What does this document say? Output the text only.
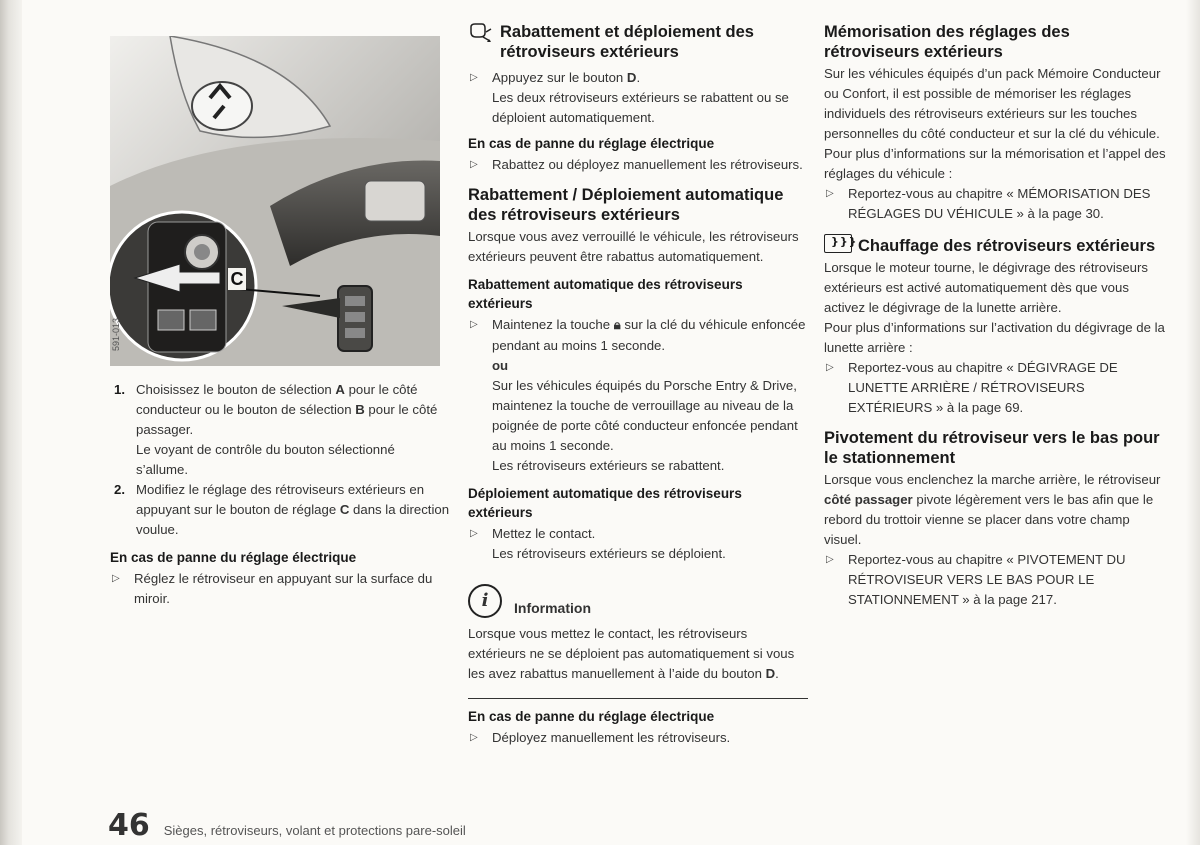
C
591-013
1. Choisissez le bouton de sélection A pour le côté conducteur ou le bouton de sélection B pour le côté passager.

Le voyant de contrôle du bouton sélectionné s’allume.

2. Modifiez le réglage des rétroviseurs extérieurs en appuyant sur le bouton de réglage C dans la direction voulue.

En cas de panne du réglage électrique
▷ Réglez le rétroviseur en appuyant sur la surface du miroir.

Rabattement et déploiement des rétroviseurs extérieurs
▷ Appuyez sur le bouton D.

Les deux rétroviseurs extérieurs se rabattent ou se déploient automatiquement.

En cas de panne du réglage électrique
▷ Rabattez ou déployez manuellement les rétroviseurs.

Rabattement / Déploiement automatique des rétroviseurs extérieurs

Lorsque vous avez verrouillé le véhicule, les rétroviseurs extérieurs peuvent être rabattus automatiquement.

Rabattement automatique des rétroviseurs extérieurs
▷ Maintenez la touche 🔒︎ sur la clé du véhicule enfoncée pendant au moins 1 seconde.

ou

Sur les véhicules équipés du Porsche Entry & Drive, maintenez la touche de verrouillage au niveau de la poignée de porte côté conducteur enfoncée pendant au moins 1 seconde.

Les rétroviseurs extérieurs se rabattent.

Déploiement automatique des rétroviseurs extérieurs
▷ Mettez le contact.

Les rétroviseurs extérieurs se déploient.

i	Information

Lorsque vous mettez le contact, les rétroviseurs extérieurs ne se déploient pas automatiquement si vous les avez rabattus manuellement à l’aide du bouton D.

En cas de panne du réglage électrique
▷ Déployez manuellement les rétroviseurs.

Mémorisation des réglages des rétroviseurs extérieurs

Sur les véhicules équipés d’un pack Mémoire Conducteur ou Confort, il est possible de mémoriser les réglages individuels des rétroviseurs extérieurs sur les touches personnelles du côté conducteur et sur la clé du véhicule.

Pour plus d’informations sur la mémorisation et l’appel des réglages du véhicule :

▷ Reportez-vous au chapitre « MÉMORISATION DES RÉGLAGES DU VÉHICULE » à la page 30.

}}} Chauffage des rétroviseurs extérieurs

Lorsque le moteur tourne, le dégivrage des rétroviseurs extérieurs est activé automatiquement dès que vous activez le dégivrage de la lunette arrière.

Pour plus d’informations sur l’activation du dégivrage de la lunette arrière :

▷ Reportez-vous au chapitre « DÉGIVRAGE DE LUNETTE ARRIÈRE / RÉTROVISEURS EXTÉRIEURS » à la page 69.

Pivotement du rétroviseur vers le bas pour le stationnement

Lorsque vous enclenchez la marche arrière, le rétroviseur côté passager pivote légèrement vers le bas afin que le rebord du trottoir vienne se placer dans votre champ visuel.

▷ Reportez-vous au chapitre « PIVOTEMENT DU RÉTROVISEUR VERS LE BAS POUR LE STATIONNEMENT » à la page 217.

46 Sièges, rétroviseurs, volant et protections pare-soleil
